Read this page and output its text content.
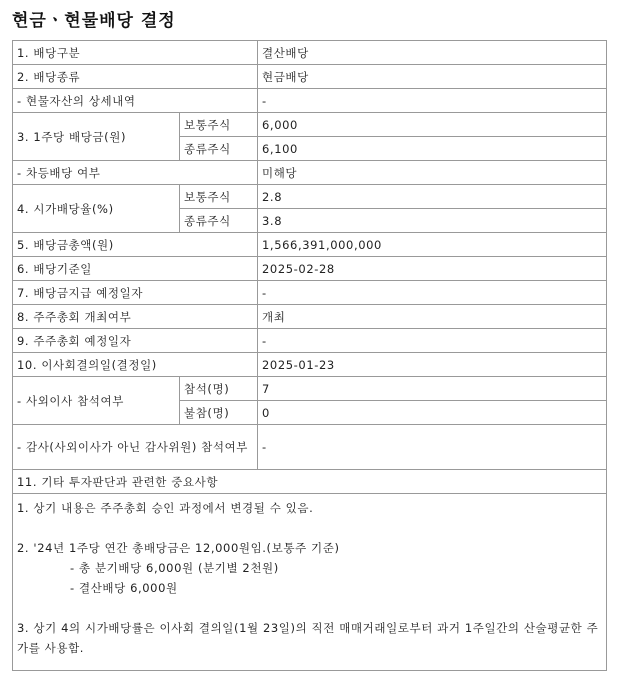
현금ㆍ현물배당 결정
1. 배당구분		결산배당
2. 배당종류		현금배당
- 현물자산의 상세내역		-
3. 1주당 배당금(원)	보통주식	6,000
	종류주식	6,100
- 차등배당 여부		미해당
4. 시가배당율(%)	보통주식	2.8
	종류주식	3.8
5. 배당금총액(원)		1,566,391,000,000
6. 배당기준일		2025-02-28
7. 배당금지급 예정일자		-
8. 주주총회 개최여부		개최
9. 주주총회 예정일자		-
10. 이사회결의일(결정일)		2025-01-23
- 사외이사 참석여부	참석(명)	7
	불참(명)	0
- 감사(사외이사가 아닌 감사위원) 참석여부		-
11. 기타 투자판단과 관련한 중요사항		

1. 상기 내용은 주주총회 승인 과정에서 변경될 수 있음.
2. '24년 1주당 연간 총배당금은 12,000원임.(보통주 기준)
- 총 분기배당 6,000원 (분기별 2천원)
- 결산배당 6,000원
3. 상기 4의 시가배당률은 이사회 결의일(1월 23일)의 직전 매매거래일로부터 과거 1주일간의 산술평균한 주가를 사용함.		
